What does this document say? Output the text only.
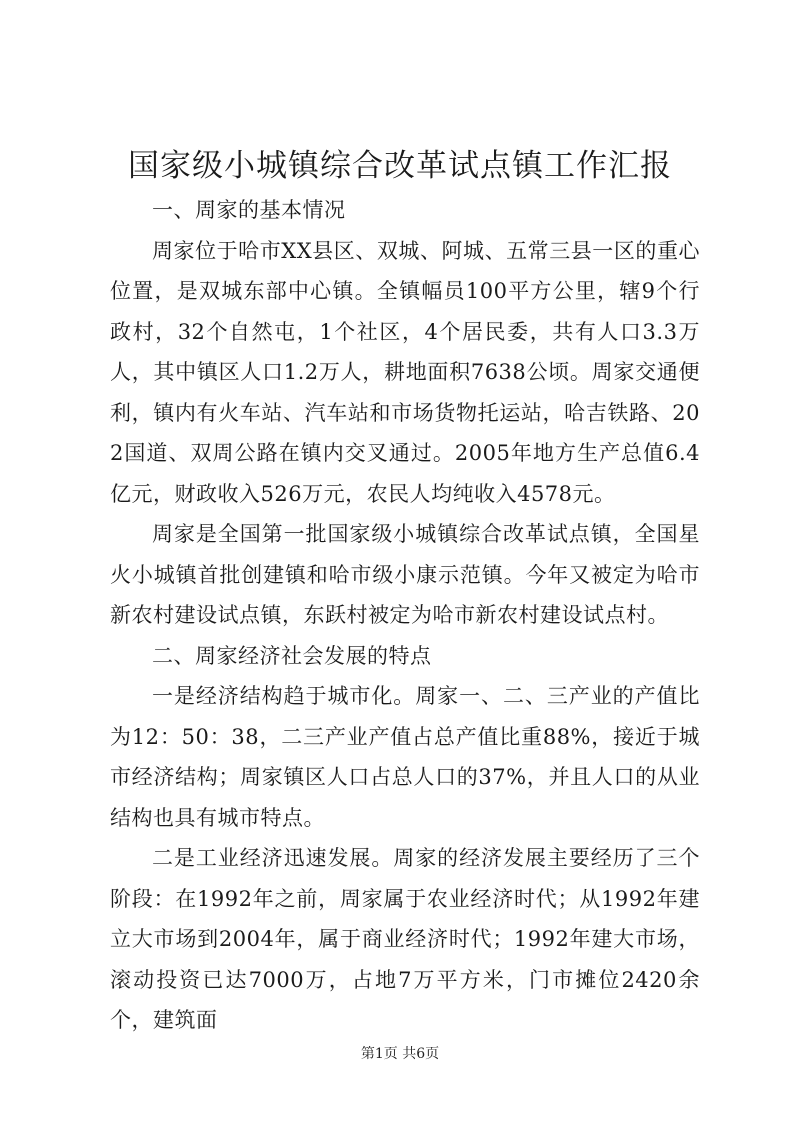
国家级小城镇综合改革试点镇工作汇报

一、周家的基本情况

周家位于哈市XX县区、双城、阿城、五常三县一区的重心位置，是双城东部中心镇。全镇幅员100平方公里，辖9个行政村，32个自然屯，1个社区，4个居民委，共有人口3.3万人，其中镇区人口1.2万人，耕地面积7638公顷。周家交通便利，镇内有火车站、汽车站和市场货物托运站，哈吉铁路、202国道、双周公路在镇内交叉通过。2005年地方生产总值6.4亿元，财政收入526万元，农民人均纯收入4578元。

周家是全国第一批国家级小城镇综合改革试点镇，全国星火小城镇首批创建镇和哈市级小康示范镇。今年又被定为哈市新农村建设试点镇，东跃村被定为哈市新农村建设试点村。

二、周家经济社会发展的特点

一是经济结构趋于城市化。周家一、二、三产业的产值比为12：50：38，二三产业产值占总产值比重88%，接近于城市经济结构；周家镇区人口占总人口的37%，并且人口的从业结构也具有城市特点。

二是工业经济迅速发展。周家的经济发展主要经历了三个阶段：在1992年之前，周家属于农业经济时代；从1992年建立大市场到2004年，属于商业经济时代；1992年建大市场，滚动投资已达7000万，占地7万平方米，门市摊位2420余个，建筑面

第1页 共6页
